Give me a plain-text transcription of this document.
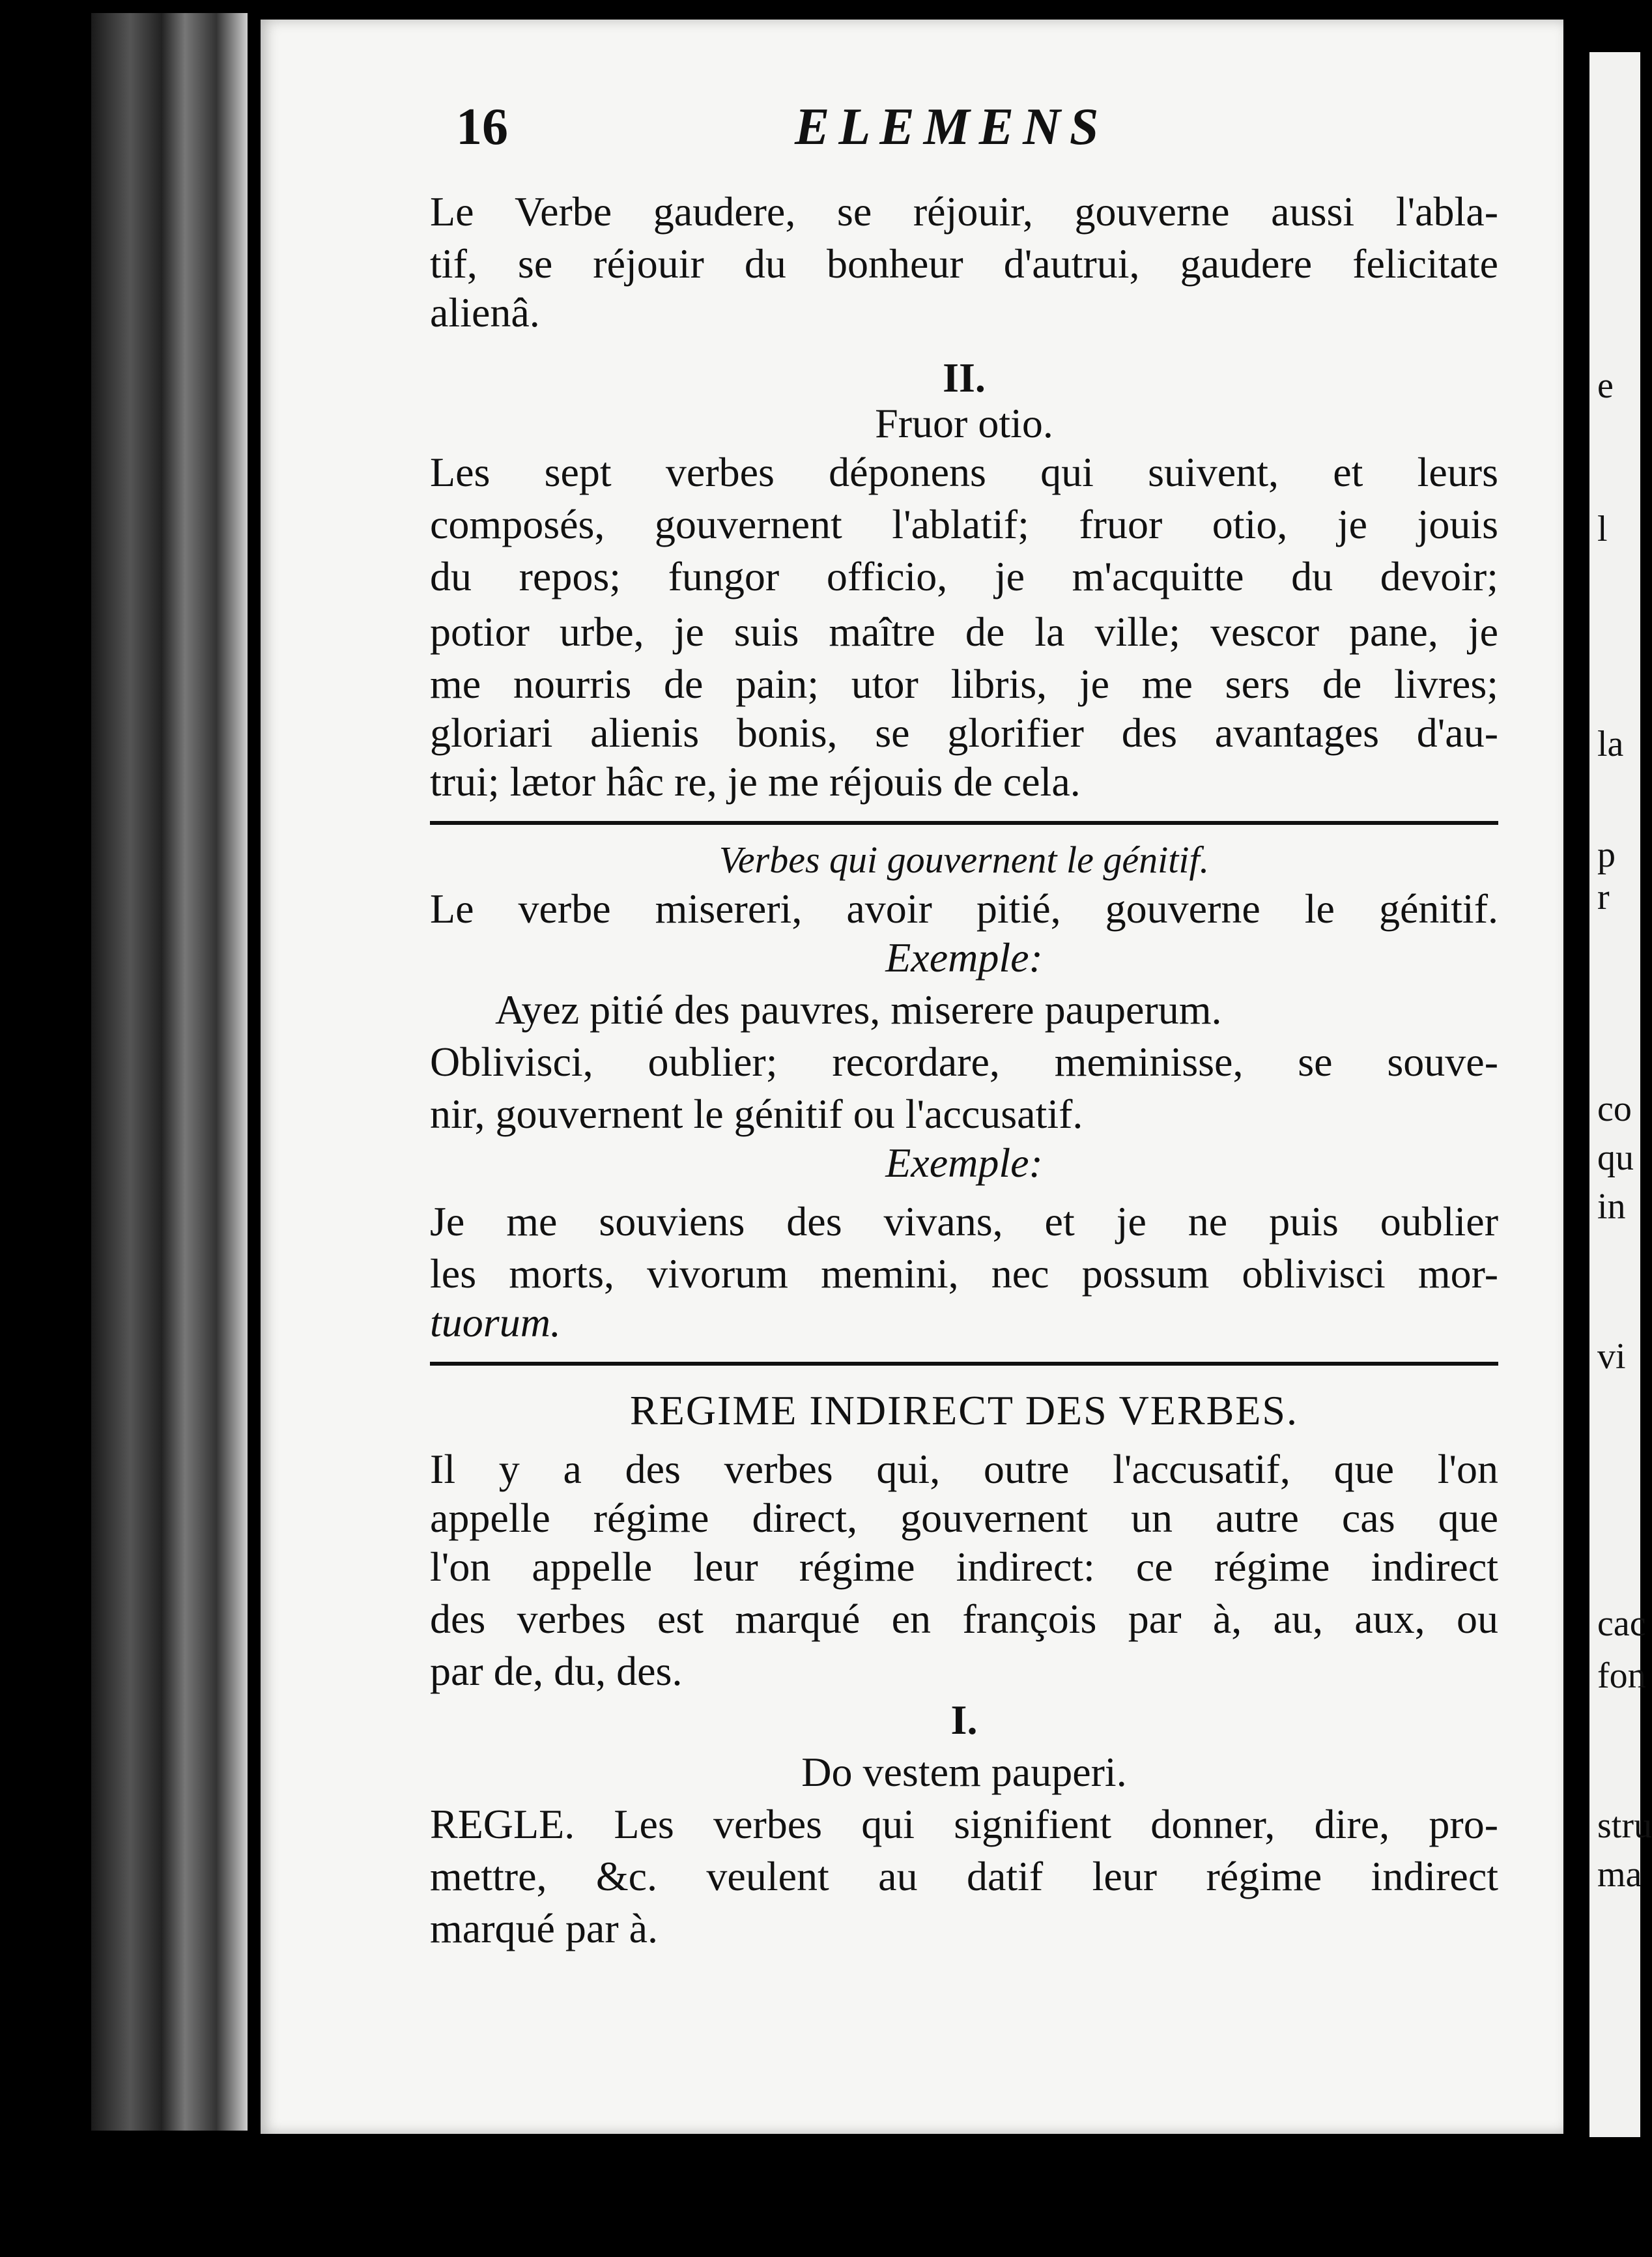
16	ELEMENS
Le Verbe gaudere, se réjouir, gouverne aussi l'abla-
tif, se réjouir du bonheur d'autrui, gaudere felicitate
alienâ.
II.
Fruor otio.
Les sept verbes déponens qui suivent, et leurs
composés, gouvernent l'ablatif; fruor otio, je jouis
du repos; fungor officio, je m'acquitte du devoir;
potior urbe, je suis maître de la ville; vescor pane, je
me nourris de pain; utor libris, je me sers de livres;
gloriari alienis bonis, se glorifier des avantages d'au-
trui; lætor hâc re, je me réjouis de cela.
Verbes qui gouvernent le génitif.
Le verbe misereri, avoir pitié, gouverne le génitif.
Exemple:
Ayez pitié des pauvres, miserere pauperum.
Oblivisci, oublier; recordare, meminisse, se souve-
nir, gouvernent le génitif ou l'accusatif.
Exemple:
Je me souviens des vivans, et je ne puis oublier
les morts, vivorum memini, nec possum oblivisci mor-
tuorum.
REGIME INDIRECT DES VERBES.
Il y a des verbes qui, outre l'accusatif, que l'on
appelle régime direct, gouvernent un autre cas que
l'on appelle leur régime indirect: ce régime indirect
des verbes est marqué en françois par à, au, aux, ou
par de, du, des.
I.
Do vestem pauperi.
REGLE. Les verbes qui signifient donner, dire, pro-
mettre, &c. veulent au datif leur régime indirect
marqué par à.
e
l
la
p
r
co
qu
in
vi
cac
fon
stru
ma
